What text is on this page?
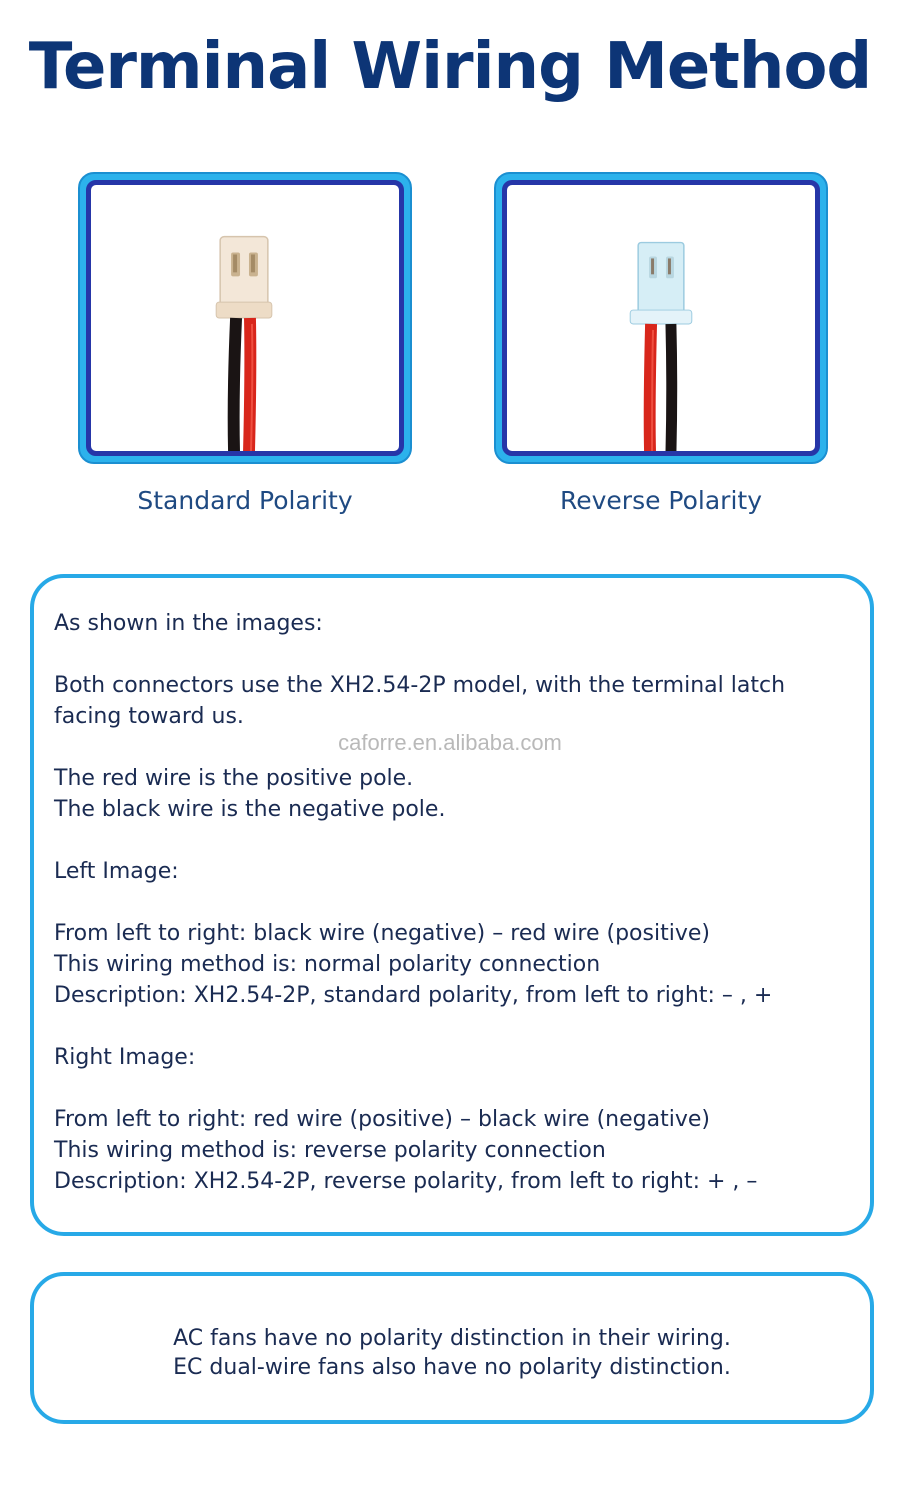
Terminal Wiring Method
Standard Polarity	Reverse Polarity

As shown in the images:

Both connectors use the XH2.54-2P model, with the terminal latch

facing toward us.

The red wire is the positive pole.

The black wire is the negative pole.

Left Image:

From left to right: black wire (negative) – red wire (positive)

This wiring method is: normal polarity connection

Description: XH2.54-2P, standard polarity, from left to right: – , +

Right Image:

From left to right: red wire (positive) – black wire (negative)

This wiring method is: reverse polarity connection

Description: XH2.54-2P, reverse polarity, from left to right: + , –

caforre.en.alibaba.com

AC fans have no polarity distinction in their wiring.

EC dual-wire fans also have no polarity distinction.
